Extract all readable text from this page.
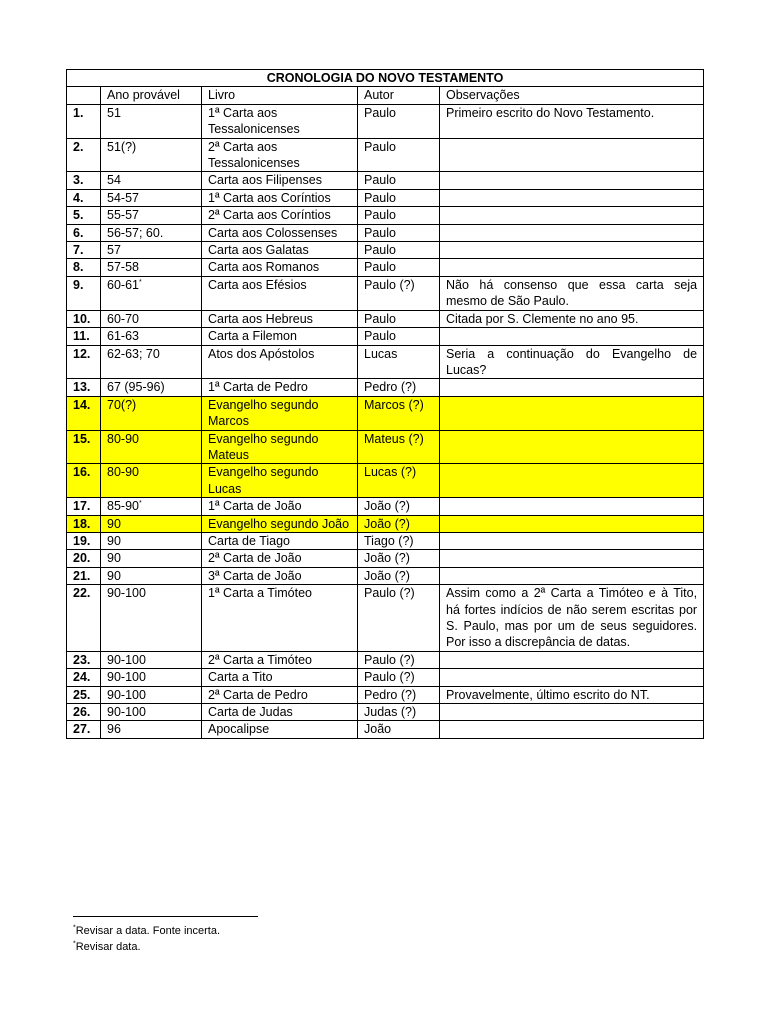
CRONOLOGIA DO NOVO TESTAMENTO				
	Ano provável	Livro	Autor	Observações
1.	51	1ª Carta aos Tessalonicenses	Paulo	Primeiro escrito do Novo Testamento.
2.	51(?)	2ª Carta aos Tessalonicenses	Paulo	
3.	54	Carta aos Filipenses	Paulo	
4.	54-57	1ª Carta aos Coríntios	Paulo	
5.	55-57	2ª Carta aos Coríntios	Paulo	
6.	56-57; 60.	Carta aos Colossenses	Paulo	
7.	57	Carta aos Galatas	Paulo	
8.	57-58	Carta aos Romanos	Paulo	
9.	60-61*	Carta aos Efésios	Paulo (?)	Não há consenso que essa carta seja mesmo de São Paulo.
10.	60-70	Carta aos Hebreus	Paulo	Citada por S. Clemente no ano 95.
11.	61-63	Carta a Filemon	Paulo	
12.	62-63; 70	Atos dos Apóstolos	Lucas	Seria a continuação do Evangelho de Lucas?
13.	67 (95-96)	1ª Carta de Pedro	Pedro (?)	
14.	70(?)	Evangelho segundo Marcos	Marcos (?)	
15.	80-90	Evangelho segundo Mateus	Mateus (?)	
16.	80-90	Evangelho segundo Lucas	Lucas (?)	
17.	85-90*	1ª Carta de João	João (?)	
18.	90	Evangelho segundo João	João (?)	
19.	90	Carta de Tiago	Tiago (?)	
20.	90	2ª Carta de João	João (?)	
21.	90	3ª Carta de João	João (?)	
22.	90-100	1ª Carta a Timóteo	Paulo (?)	Assim como a 2ª Carta a Timóteo e à Tito, há fortes indícios de não serem escritas por S. Paulo, mas por um de seus seguidores. Por isso a discrepância de datas.
23.	90-100	2ª Carta a Timóteo	Paulo (?)	
24.	90-100	Carta a Tito	Paulo (?)	
25.	90-100	2ª Carta de Pedro	Pedro (?)	Provavelmente, último escrito do NT.
26.	90-100	Carta de Judas	Judas (?)	
27.	96	Apocalipse	João	
*Revisar a data. Fonte incerta.
*Revisar data.
